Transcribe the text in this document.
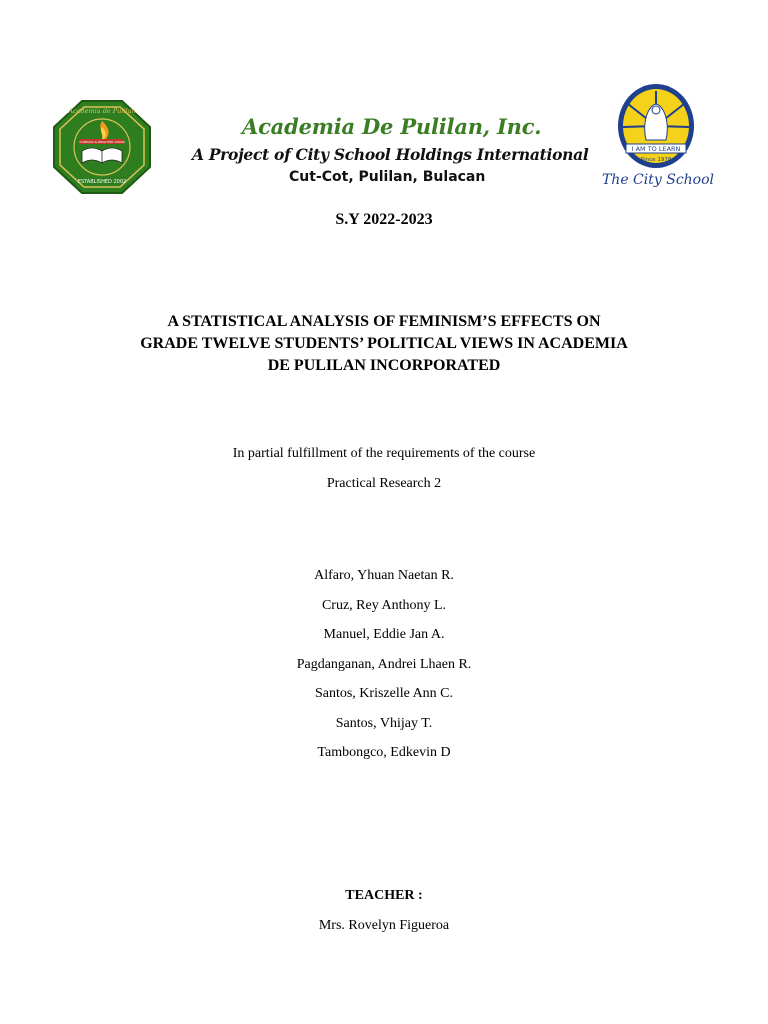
Academia de Pulilan
COMPASS & BRIGHTER VISION
ESTABLISHED 2002
Academia De Pulilan, Inc.
A Project of City School Holdings International
Cut-Cot, Pulilan, Bulacan
I AM TO LEARN
Since 1978
The City School
S.Y 2022-2023
A STATISTICAL ANALYSIS OF FEMINISM’S EFFECTS ON
GRADE TWELVE STUDENTS’ POLITICAL VIEWS IN ACADEMIA
DE PULILAN INCORPORATED
In partial fulfillment of the requirements of the course
Practical Research 2
Alfaro, Yhuan Naetan R.
Cruz, Rey Anthony L.
Manuel, Eddie Jan A.
Pagdanganan, Andrei Lhaen R.
Santos, Kriszelle Ann C.
Santos, Vhijay T.
Tambongco, Edkevin D
TEACHER :
Mrs. Rovelyn Figueroa
